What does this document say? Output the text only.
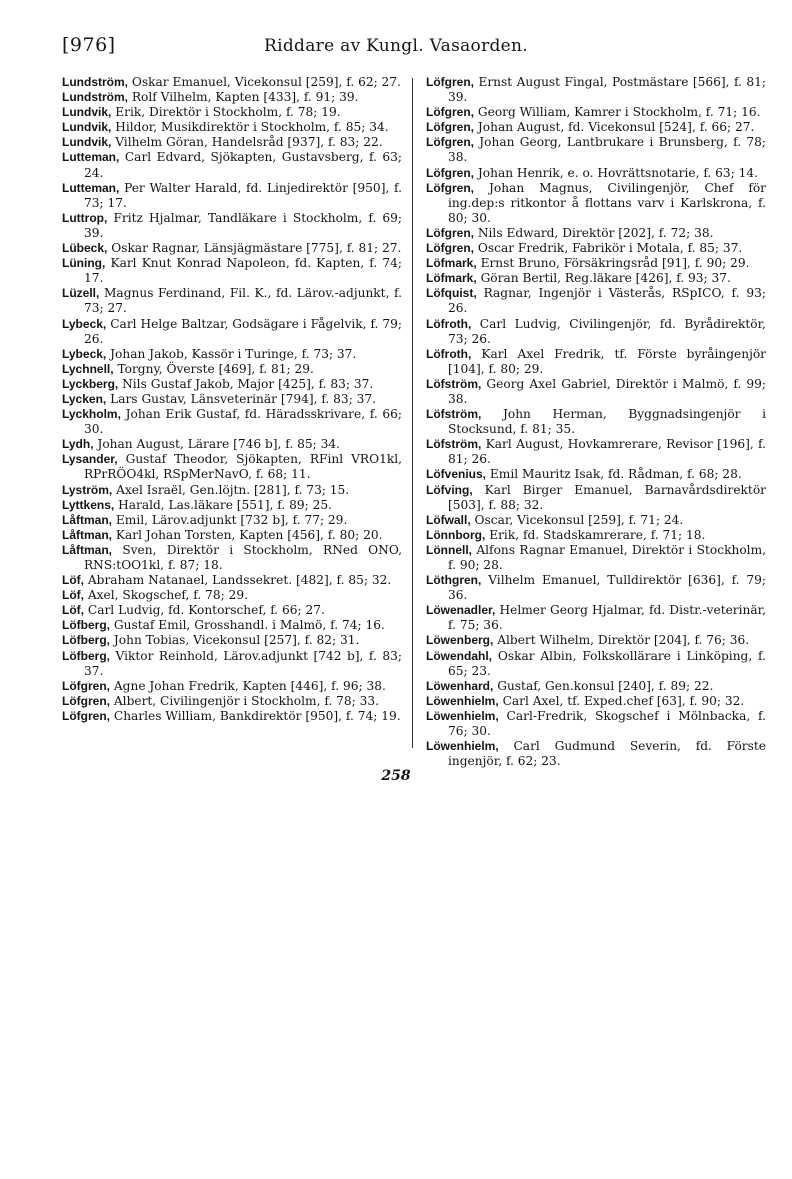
[976]	Riddare av Kungl. Vasaorden.
Lundström, Oskar Emanuel, Vicekonsul [259], f. 62; 27.
Lundström, Rolf Vilhelm, Kapten [433], f. 91; 39.
Lundvik, Erik, Direktör i Stockholm, f. 78; 19.
Lundvik, Hildor, Musikdirektör i Stockholm, f. 85; 34.
Lundvik, Vilhelm Göran, Handelsråd [937], f. 83; 22.
Lutteman, Carl Edvard, Sjökapten, Gustavsberg, f. 63; 24.
Lutteman, Per Walter Harald, fd. Linjedirektör [950], f. 73; 17.
Luttrop, Fritz Hjalmar, Tandläkare i Stockholm, f. 69; 39.
Lübeck, Oskar Ragnar, Länsjägmästare [775], f. 81; 27.
Lüning, Karl Knut Konrad Napoleon, fd. Kapten, f. 74; 17.
Lüzell, Magnus Ferdinand, Fil. K., fd. Lärov.-adjunkt, f. 73; 27.
Lybeck, Carl Helge Baltzar, Godsägare i Fågelvik, f. 79; 26.
Lybeck, Johan Jakob, Kassör i Turinge, f. 73; 37.
Lychnell, Torgny, Överste [469], f. 81; 29.
Lyckberg, Nils Gustaf Jakob, Major [425], f. 83; 37.
Lycken, Lars Gustav, Länsveterinär [794], f. 83; 37.
Lyckholm, Johan Erik Gustaf, fd. Häradsskrivare, f. 66; 30.
Lydh, Johan August, Lärare [746 b], f. 85; 34.
Lysander, Gustaf Theodor, Sjökapten, RFinl VRO1kl, RPrRÖO4kl, RSpMerNavO, f. 68; 11.
Lyström, Axel Israël, Gen.löjtn. [281], f. 73; 15.
Lyttkens, Harald, Las.läkare [551], f. 89; 25.
Låftman, Emil, Lärov.adjunkt [732 b], f. 77; 29.
Låftman, Karl Johan Torsten, Kapten [456], f. 80; 20.
Låftman, Sven, Direktör i Stockholm, RNed ONO, RNS:tOO1kl, f. 87; 18.
Löf, Abraham Natanael, Landssekret. [482], f. 85; 32.
Löf, Axel, Skogschef, f. 78; 29.
Löf, Carl Ludvig, fd. Kontorschef, f. 66; 27.
Löfberg, Gustaf Emil, Grosshandl. i Malmö, f. 74; 16.
Löfberg, John Tobias, Vicekonsul [257], f. 82; 31.
Löfberg, Viktor Reinhold, Lärov.adjunkt [742 b], f. 83; 37.
Löfgren, Agne Johan Fredrik, Kapten [446], f. 96; 38.
Löfgren, Albert, Civilingenjör i Stockholm, f. 78; 33.
Löfgren, Charles William, Bankdirektör [950], f. 74; 19.
Löfgren, Ernst August Fingal, Postmästare [566], f. 81; 39.
Löfgren, Georg William, Kamrer i Stockholm, f. 71; 16.
Löfgren, Johan August, fd. Vicekonsul [524], f. 66; 27.
Löfgren, Johan Georg, Lantbrukare i Brunsberg, f. 78; 38.
Löfgren, Johan Henrik, e. o. Hovrättsnotarie, f. 63; 14.
Löfgren, Johan Magnus, Civilingenjör, Chef för ing.dep:s ritkontor å flottans varv i Karlskrona, f. 80; 30.
Löfgren, Nils Edward, Direktör [202], f. 72; 38.
Löfgren, Oscar Fredrik, Fabrikör i Motala, f. 85; 37.
Löfmark, Ernst Bruno, Försäkringsråd [91], f. 90; 29.
Löfmark, Göran Bertil, Reg.läkare [426], f. 93; 37.
Löfquist, Ragnar, Ingenjör i Västerås, RSpICO, f. 93; 26.
Löfroth, Carl Ludvig, Civilingenjör, fd. Byrådirektör, 73; 26.
Löfroth, Karl Axel Fredrik, tf. Förste byråingenjör [104], f. 80; 29.
Löfström, Georg Axel Gabriel, Direktör i Malmö, f. 99; 38.
Löfström, John Herman, Byggnadsingenjör i Stocksund, f. 81; 35.
Löfström, Karl August, Hovkamrerare, Revisor [196], f. 81; 26.
Löfvenius, Emil Mauritz Isak, fd. Rådman, f. 68; 28.
Löfving, Karl Birger Emanuel, Barnavårdsdirektör [503], f. 88; 32.
Löfwall, Oscar, Vicekonsul [259], f. 71; 24.
Lönnborg, Erik, fd. Stadskamrerare, f. 71; 18.
Lönnell, Alfons Ragnar Emanuel, Direktör i Stockholm, f. 90; 28.
Löthgren, Vilhelm Emanuel, Tulldirektör [636], f. 79; 36.
Löwenadler, Helmer Georg Hjalmar, fd. Distr.-veterinär, f. 75; 36.
Löwenberg, Albert Wilhelm, Direktör [204], f. 76; 36.
Löwendahl, Oskar Albin, Folkskollärare i Linköping, f. 65; 23.
Löwenhard, Gustaf, Gen.konsul [240], f. 89; 22.
Löwenhielm, Carl Axel, tf. Exped.chef [63], f. 90; 32.
Löwenhielm, Carl-Fredrik, Skogschef i Mölnbacka, f. 76; 30.
Löwenhielm, Carl Gudmund Severin, fd. Förste ingenjör, f. 62; 23.
258
